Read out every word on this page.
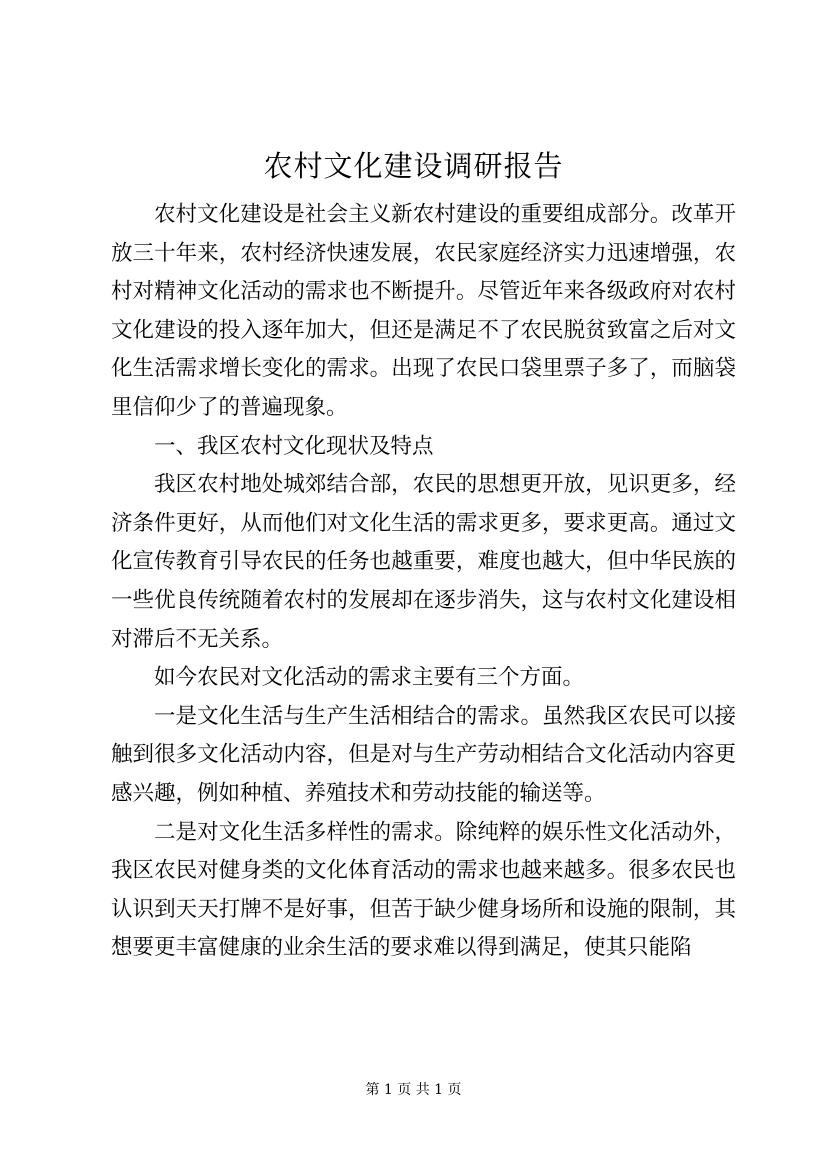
农村文化建设调研报告

农村文化建设是社会主义新农村建设的重要组成部分。改革开放三十年来，农村经济快速发展，农民家庭经济实力迅速增强，农村对精神文化活动的需求也不断提升。尽管近年来各级政府对农村文化建设的投入逐年加大，但还是满足不了农民脱贫致富之后对文化生活需求增长变化的需求。出现了农民口袋里票子多了，而脑袋里信仰少了的普遍现象。

一、我区农村文化现状及特点

我区农村地处城郊结合部，农民的思想更开放，见识更多，经济条件更好，从而他们对文化生活的需求更多，要求更高。通过文化宣传教育引导农民的任务也越重要，难度也越大，但中华民族的一些优良传统随着农村的发展却在逐步消失，这与农村文化建设相对滞后不无关系。

如今农民对文化活动的需求主要有三个方面。

一是文化生活与生产生活相结合的需求。虽然我区农民可以接触到很多文化活动内容，但是对与生产劳动相结合文化活动内容更感兴趣，例如种植、养殖技术和劳动技能的输送等。

二是对文化生活多样性的需求。除纯粹的娱乐性文化活动外，我区农民对健身类的文化体育活动的需求也越来越多。很多农民也认识到天天打牌不是好事，但苦于缺少健身场所和设施的限制，其想要更丰富健康的业余生活的要求难以得到满足，使其只能陷

第 1 页 共 1 页
